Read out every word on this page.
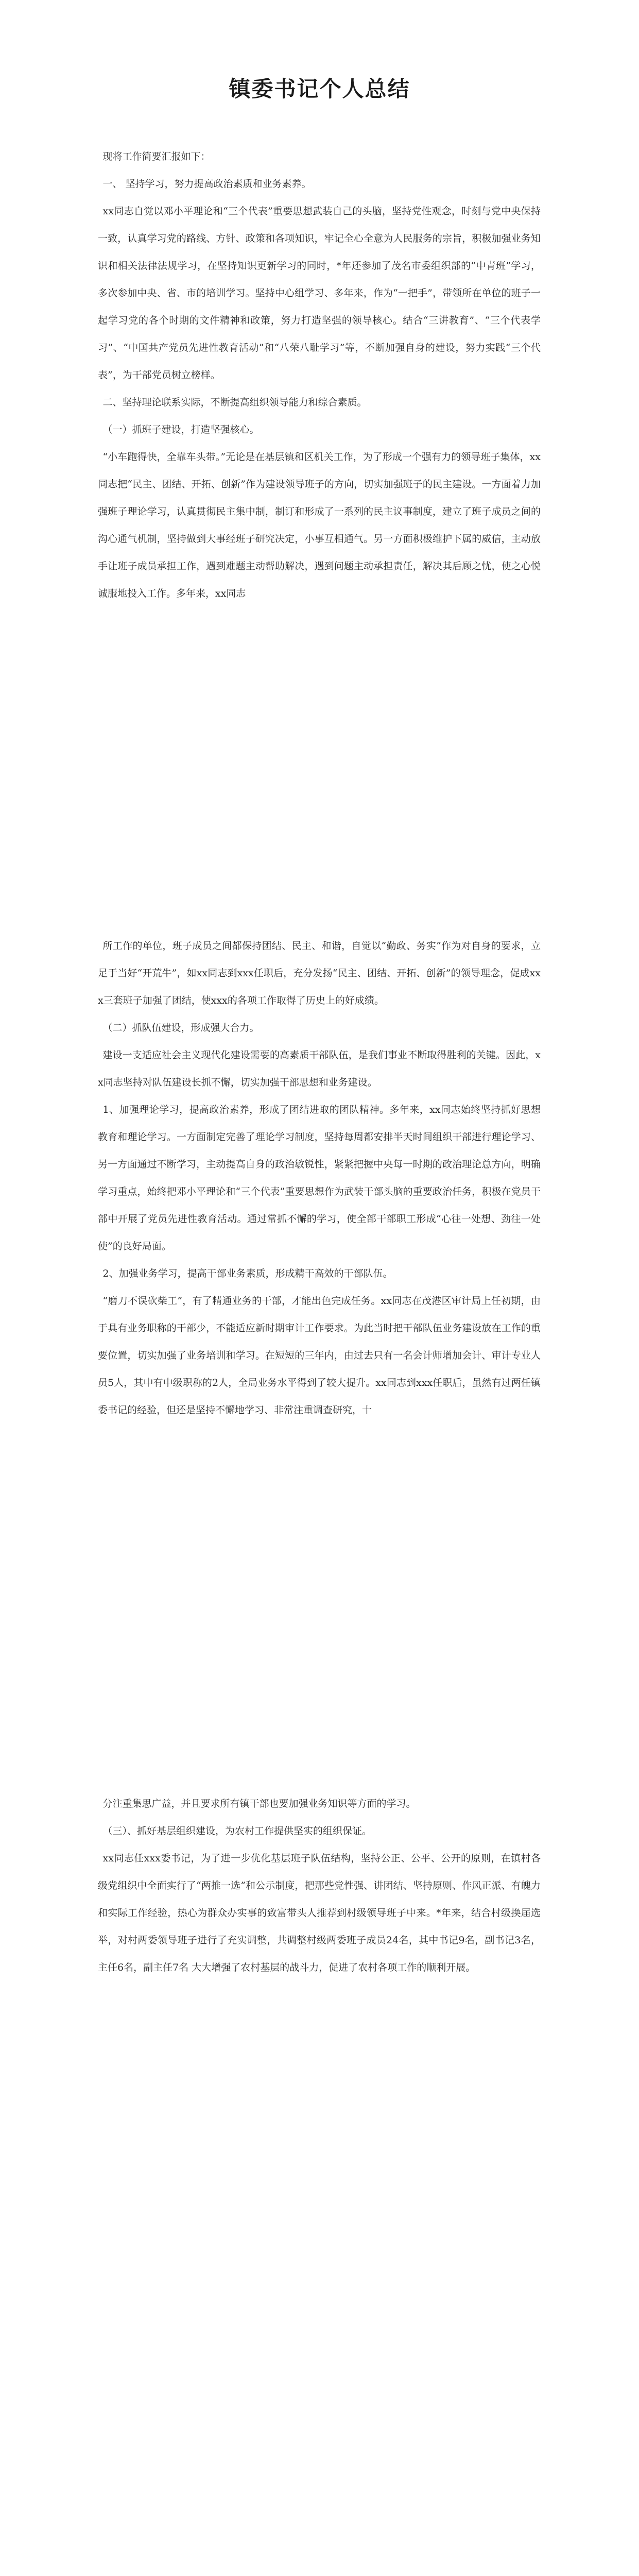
镇委书记个人总结

现将工作简要汇报如下：

一、 坚持学习，努力提高政治素质和业务素养。

xx同志自觉以邓小平理论和“三个代表”重要思想武装自己的头脑，坚持党性观念，时刻与党中央保持一致，认真学习党的路线、方针、政策和各项知识，牢记全心全意为人民服务的宗旨，积极加强业务知识和相关法律法规学习，在坚持知识更新学习的同时，*年还参加了茂名市委组织部的“中青班”学习，多次参加中央、省、市的培训学习。坚持中心组学习、多年来，作为“一把手”，带领所在单位的班子一起学习党的各个时期的文件精神和政策，努力打造坚强的领导核心。结合“三讲教育”、“三个代表学习”、“中国共产党员先进性教育活动”和“八荣八耻学习”等，不断加强自身的建设，努力实践“三个代表”，为干部党员树立榜样。

二、坚持理论联系实际，不断提高组织领导能力和综合素质。

（一）抓班子建设，打造坚强核心。

“小车跑得快，全靠车头带。”无论是在基层镇和区机关工作，为了形成一个强有力的领导班子集体，xx同志把“民主、团结、开拓、创新”作为建设领导班子的方向，切实加强班子的民主建设。一方面着力加强班子理论学习，认真贯彻民主集中制，制订和形成了一系列的民主议事制度，建立了班子成员之间的沟心通气机制，坚持做到大事经班子研究决定，小事互相通气。另一方面积极维护下属的威信，主动放手让班子成员承担工作，遇到难题主动帮助解决，遇到问题主动承担责任，解决其后顾之忧，使之心悦诚服地投入工作。多年来，xx同志

所工作的单位，班子成员之间都保持团结、民主、和谐，自觉以“勤政、务实”作为对自身的要求，立足于当好“开荒牛”，如xx同志到xxx任职后，充分发扬“民主、团结、开拓、创新”的领导理念，促成xxx三套班子加强了团结，使xxx的各项工作取得了历史上的好成绩。

（二）抓队伍建设，形成强大合力。

建设一支适应社会主义现代化建设需要的高素质干部队伍，是我们事业不断取得胜利的关键。因此，xx同志坚持对队伍建设长抓不懈，切实加强干部思想和业务建设。

1、加强理论学习，提高政治素养，形成了团结进取的团队精神。多年来，xx同志始终坚持抓好思想教育和理论学习。一方面制定完善了理论学习制度，坚持每周都安排半天时间组织干部进行理论学习、另一方面通过不断学习，主动提高自身的政治敏锐性，紧紧把握中央每一时期的政治理论总方向，明确学习重点，始终把邓小平理论和“三个代表”重要思想作为武装干部头脑的重要政治任务，积极在党员干部中开展了党员先进性教育活动。通过常抓不懈的学习，使全部干部职工形成“心往一处想、劲往一处使”的良好局面。

2、加强业务学习，提高干部业务素质，形成精干高效的干部队伍。

“磨刀不误砍柴工”，有了精通业务的干部，才能出色完成任务。xx同志在茂港区审计局上任初期，由于具有业务职称的干部少，不能适应新时期审计工作要求。为此当时把干部队伍业务建设放在工作的重要位置，切实加强了业务培训和学习。在短短的三年内，由过去只有一名会计师增加会计、审计专业人员5人，其中有中级职称的2人，全局业务水平得到了较大提升。xx同志到xxx任职后，虽然有过两任镇委书记的经验，但还是坚持不懈地学习、非常注重调查研究，十

分注重集思广益，并且要求所有镇干部也要加强业务知识等方面的学习。

（三）、抓好基层组织建设，为农村工作提供坚实的组织保证。

xx同志任xxx委书记，为了进一步优化基层班子队伍结构，坚持公正、公平、公开的原则，在镇村各级党组织中全面实行了“两推一选”和公示制度，把那些党性强、讲团结、坚持原则、作风正派、有魄力和实际工作经验，热心为群众办实事的致富带头人推荐到村级领导班子中来。*年来，结合村级换届选举，对村两委领导班子进行了充实调整，共调整村级两委班子成员24名，其中书记9名，副书记3名，主任6名，副主任7名 大大增强了农村基层的战斗力，促进了农村各项工作的顺利开展。
